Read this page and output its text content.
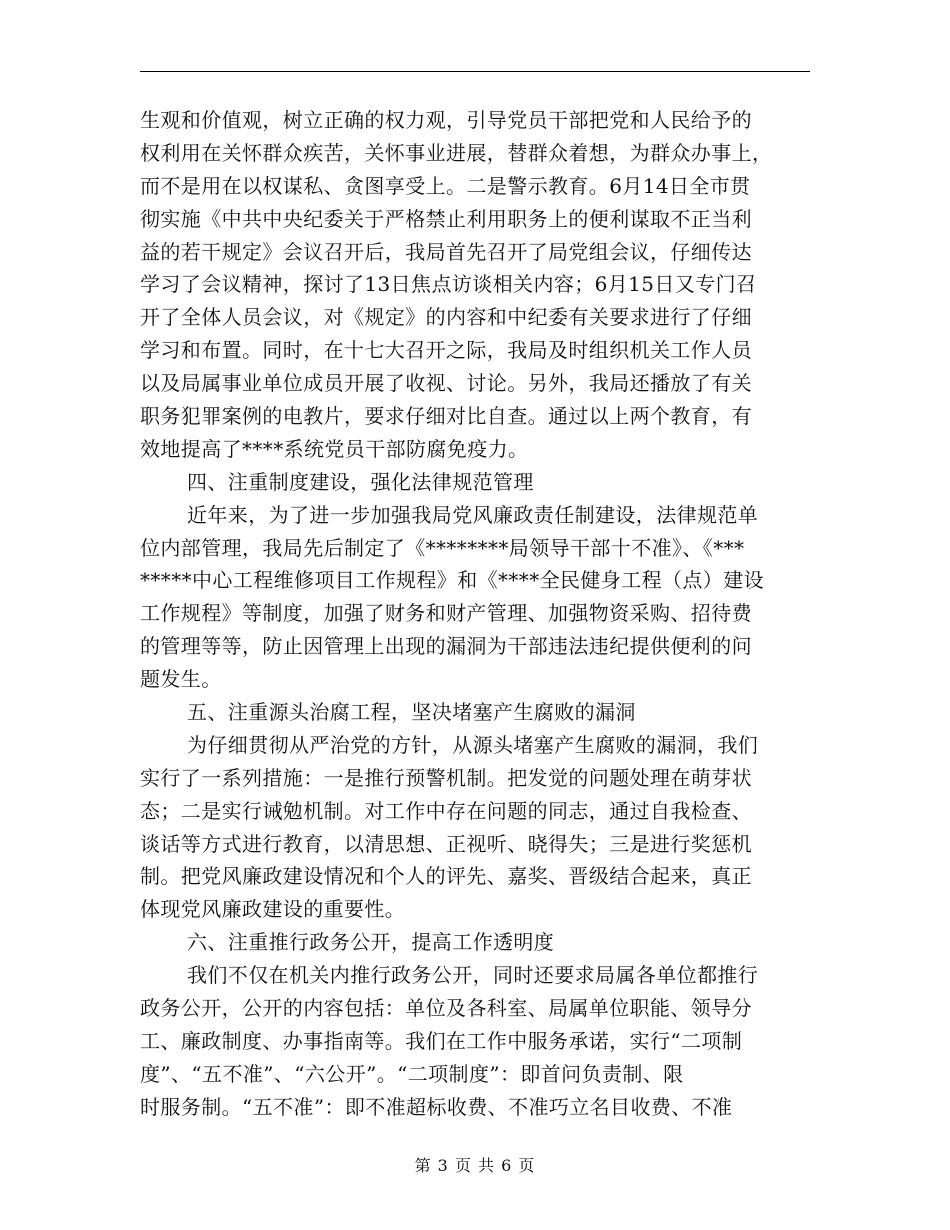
生观和价值观，树立正确的权力观，引导党员干部把党和人民给予的
权利用在关怀群众疾苦，关怀事业进展，替群众着想，为群众办事上，
而不是用在以权谋私、贪图享受上。二是警示教育。6月14日全市贯
彻实施《中共中央纪委关于严格禁止利用职务上的便利谋取不正当利
益的若干规定》会议召开后，我局首先召开了局党组会议，仔细传达
学习了会议精神，探讨了13日焦点访谈相关内容；6月15日又专门召
开了全体人员会议，对《规定》的内容和中纪委有关要求进行了仔细
学习和布置。同时，在十七大召开之际，我局及时组织机关工作人员
以及局属事业单位成员开展了收视、讨论。另外，我局还播放了有关
职务犯罪案例的电教片，要求仔细对比自查。通过以上两个教育，有
效地提高了****系统党员干部防腐免疫力。
四、注重制度建设，强化法律规范管理
近年来，为了进一步加强我局党风廉政责任制建设，法律规范单
位内部管理，我局先后制定了《********局领导干部十不准》、《***
*****中心工程维修项目工作规程》和《****全民健身工程（点）建设
工作规程》等制度，加强了财务和财产管理、加强物资采购、招待费
的管理等等，防止因管理上出现的漏洞为干部违法违纪提供便利的问
题发生。
五、注重源头治腐工程，坚决堵塞产生腐败的漏洞
为仔细贯彻从严治党的方针，从源头堵塞产生腐败的漏洞，我们
实行了一系列措施：一是推行预警机制。把发觉的问题处理在萌芽状
态；二是实行诫勉机制。对工作中存在问题的同志，通过自我检查、
谈话等方式进行教育，以清思想、正视听、晓得失；三是进行奖惩机
制。把党风廉政建设情况和个人的评先、嘉奖、晋级结合起来，真正
体现党风廉政建设的重要性。
六、注重推行政务公开，提高工作透明度
我们不仅在机关内推行政务公开，同时还要求局属各单位都推行
政务公开，公开的内容包括：单位及各科室、局属单位职能、领导分
工、廉政制度、办事指南等。我们在工作中服务承诺，实行“二项制
度”、“五不准”、“六公开”。“二项制度”：即首问负责制、限
时服务制。“五不准”：即不准超标收费、不准巧立名目收费、不准
第 3 页 共 6 页
